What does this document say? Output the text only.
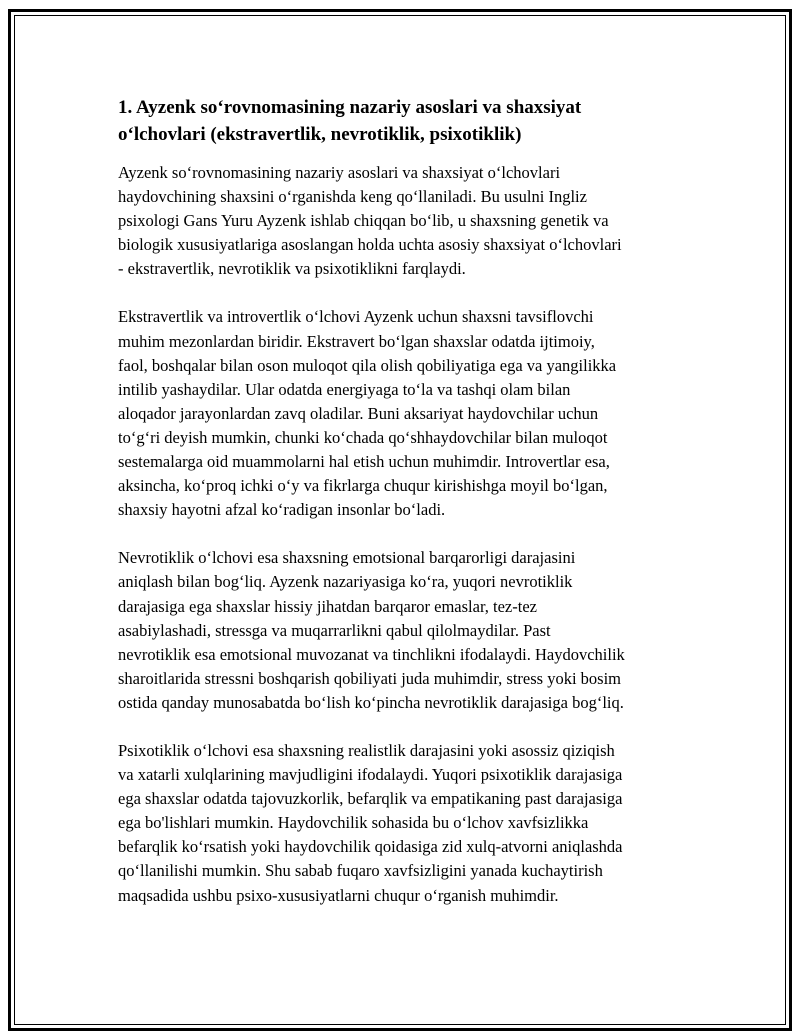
1. Ayzenk so‘rovnomasining nazariy asoslari va shaxsiyat
o‘lchovlari (ekstravertlik, nevrotiklik, psixotiklik)

Ayzenk so‘rovnomasining nazariy asoslari va shaxsiyat o‘lchovlari
haydovchining shaxsini o‘rganishda keng qo‘llaniladi. Bu usulni Ingliz
psixologi Gans Yuru Ayzenk ishlab chiqqan bo‘lib, u shaxsning genetik va
biologik xususiyatlariga asoslangan holda uchta asosiy shaxsiyat o‘lchovlari
- ekstravertlik, nevrotiklik va psixotiklikni farqlaydi.

Ekstravertlik va introvertlik o‘lchovi Ayzenk uchun shaxsni tavsiflovchi
muhim mezonlardan biridir. Ekstravert bo‘lgan shaxslar odatda ijtimoiy,
faol, boshqalar bilan oson muloqot qila olish qobiliyatiga ega va yangilikka
intilib yashaydilar. Ular odatda energiyaga to‘la va tashqi olam bilan
aloqador jarayonlardan zavq oladilar. Buni aksariyat haydovchilar uchun
to‘g‘ri deyish mumkin, chunki ko‘chada qo‘shhaydovchilar bilan muloqot
sestemalarga oid muammolarni hal etish uchun muhimdir. Introvertlar esa,
aksincha, ko‘proq ichki o‘y va fikrlarga chuqur kirishishga moyil bo‘lgan,
shaxsiy hayotni afzal ko‘radigan insonlar bo‘ladi.

Nevrotiklik o‘lchovi esa shaxsning emotsional barqarorligi darajasini
aniqlash bilan bog‘liq. Ayzenk nazariyasiga ko‘ra, yuqori nevrotiklik
darajasiga ega shaxslar hissiy jihatdan barqaror emaslar, tez-tez
asabiylashadi, stressga va muqarrarlikni qabul qilolmaydilar. Past
nevrotiklik esa emotsional muvozanat va tinchlikni ifodalaydi. Haydovchilik
sharoitlarida stressni boshqarish qobiliyati juda muhimdir, stress yoki bosim
ostida qanday munosabatda bo‘lish ko‘pincha nevrotiklik darajasiga bog‘liq.

Psixotiklik o‘lchovi esa shaxsning realistlik darajasini yoki asossiz qiziqish
va xatarli xulqlarining mavjudligini ifodalaydi. Yuqori psixotiklik darajasiga
ega shaxslar odatda tajovuzkorlik, befarqlik va empatikaning past darajasiga
ega bo'lishlari mumkin. Haydovchilik sohasida bu o‘lchov xavfsizlikka
befarqlik ko‘rsatish yoki haydovchilik qoidasiga zid xulq-atvorni aniqlashda
qo‘llanilishi mumkin. Shu sabab fuqaro xavfsizligini yanada kuchaytirish
maqsadida ushbu psixo-xususiyatlarni chuqur o‘rganish muhimdir.
